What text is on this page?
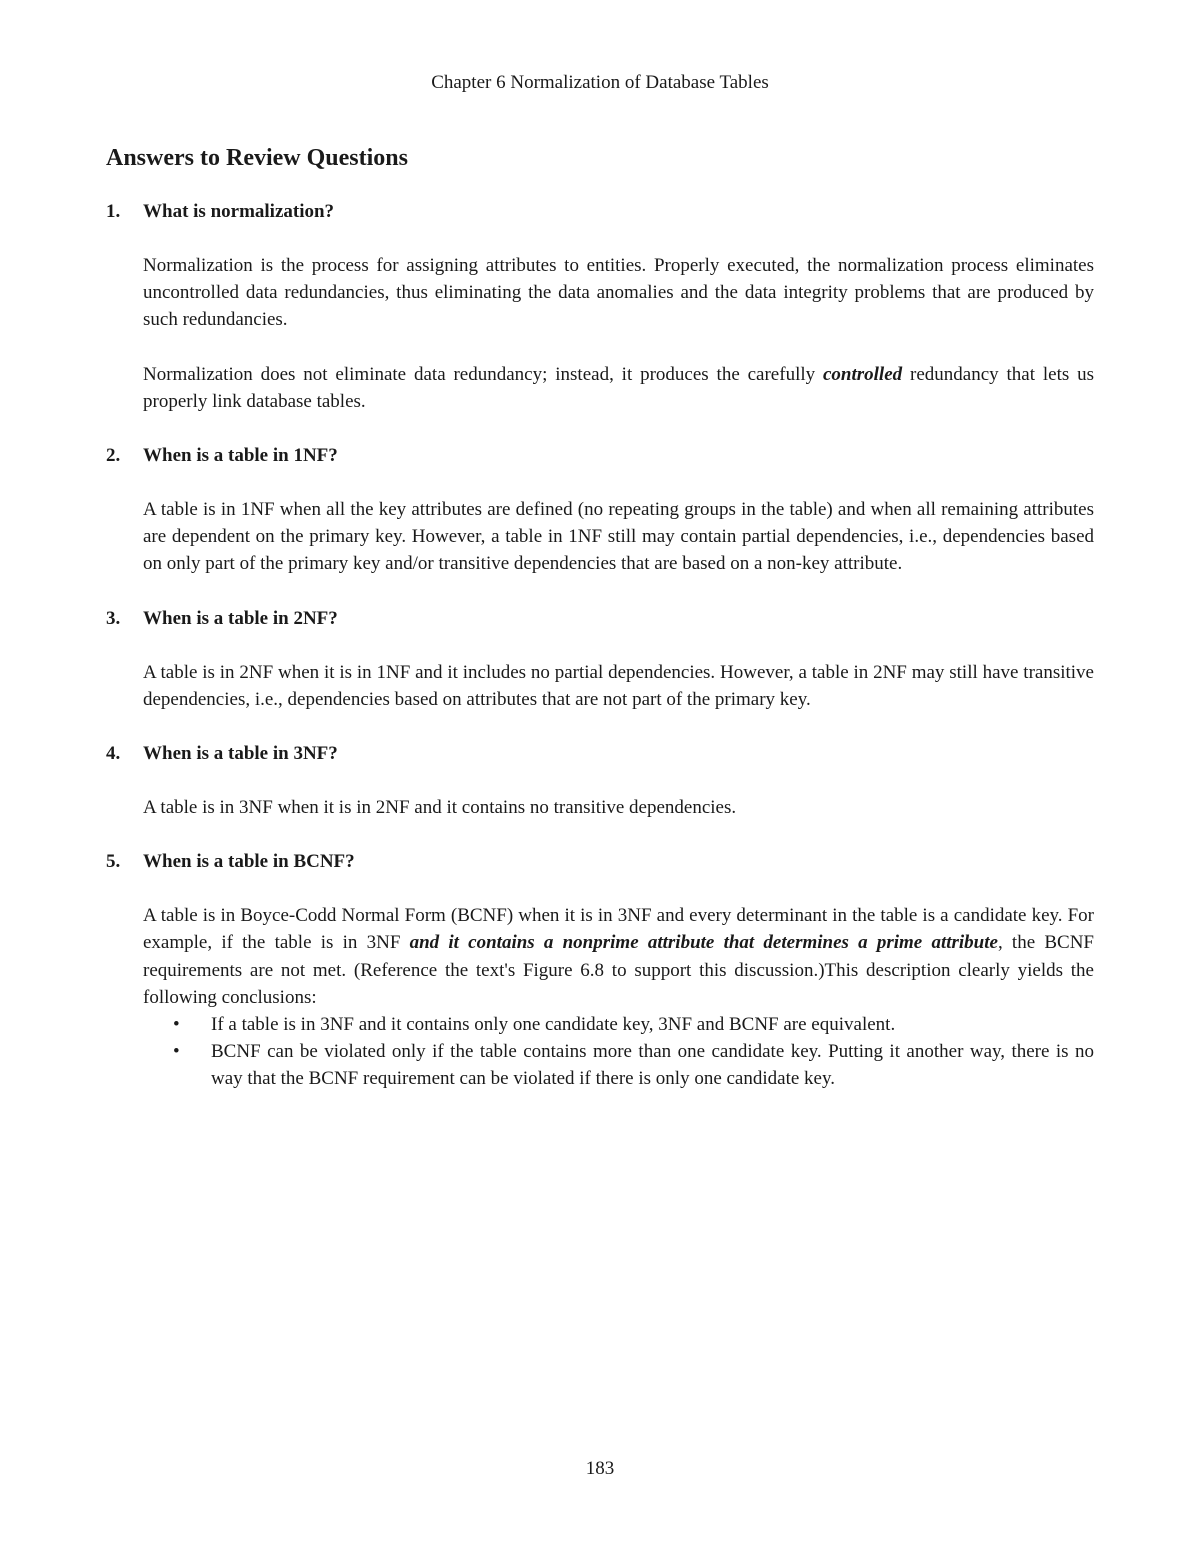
Chapter 6 Normalization of Database Tables
Answers to Review Questions
1.	What is normalization?

Normalization is the process for assigning attributes to entities. Properly executed, the normalization process eliminates uncontrolled data redundancies, thus eliminating the data anomalies and the data integrity problems that are produced by such redundancies.

Normalization does not eliminate data redundancy; instead, it produces the carefully controlled redundancy that lets us properly link database tables.

2.	When is a table in 1NF?

A table is in 1NF when all the key attributes are defined (no repeating groups in the table) and when all remaining attributes are dependent on the primary key. However, a table in 1NF still may contain partial dependencies, i.e., dependencies based on only part of the primary key and/or transitive dependencies that are based on a non-key attribute.

3.	When is a table in 2NF?

A table is in 2NF when it is in 1NF and it includes no partial dependencies. However, a table in 2NF may still have transitive dependencies, i.e., dependencies based on attributes that are not part of the primary key.

4.	When is a table in 3NF?

A table is in 3NF when it is in 2NF and it contains no transitive dependencies.

5.	When is a table in BCNF?

A table is in Boyce-Codd Normal Form (BCNF) when it is in 3NF and every determinant in the table is a candidate key. For example, if the table is in 3NF and it contains a nonprime attribute that determines a prime attribute, the BCNF requirements are not met. (Reference the text's Figure 6.8 to support this discussion.)This description clearly yields the following conclusions:

• If a table is in 3NF and it contains only one candidate key, 3NF and BCNF are equivalent.
• BCNF can be violated only if the table contains more than one candidate key. Putting it another way, there is no way that the BCNF requirement can be violated if there is only one candidate key.
183
